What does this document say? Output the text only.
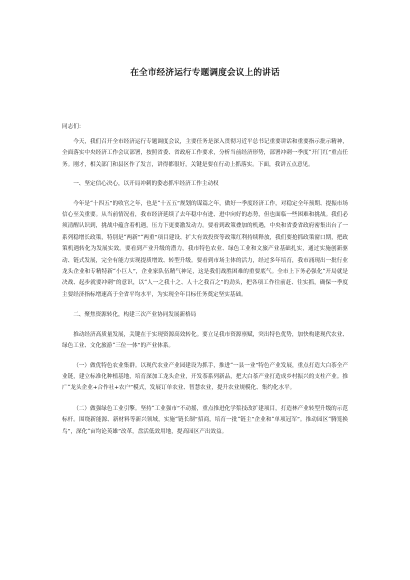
在全市经济运行专题调度会议上的讲话

同志们：

今天，我们召开全市经济运行专题调度会议，主要任务是深入贯彻习近平总书记重要讲话和重要指示批示精神，全面落实中央经济工作会议部署，按照省委、省政府工作要求，分析当前经济形势，部署冲刺一季度“开门红”重点任务。刚才，相关部门和县区作了发言，讲得都很好，关键是要在行动上抓落实。下面，我讲五点意见。

一、坚定信心决心，以开局冲刺的姿态抓牢经济工作主动权

今年是“十四五”的收官之年，也是“十五五”规划的谋篇之年，做好一季度经济工作，对稳定全年预期、提振市场信心至关重要。从当前情况看，我市经济延续了去年稳中有进、进中向好的态势，但也面临一些困难和挑战。我们必须清醒认识到，挑战中蕴含着机遇，压力下更要激发动力。要看到政策叠加的机遇，中央和省委省政府密集出台了一系列稳增长政策，特别是“两新”“两重”项目建设、扩大有效投资等政策红利持续释放，我们要抢抓政策窗口期，把政策机遇转化为发展实效。要看到产业升级的潜力，我市特色农业、绿色工业和文旅产业基础扎实，通过实施创新驱动、链式发展，完全有能力实现提质增效、转型升级。要看到市场主体的活力，经过多年培育，我市涌现出一批行业龙头企业和专精特新“小巨人”，企业家队伍精气神足，这是我们战胜困难的重要底气。全市上下务必强化“开局就是决战、起步就要冲刺”的意识，以“人一之我十之、人十之我百之”的劲头，把各项工作往前赶、往实抓，确保一季度主要经济指标增速高于全省平均水平，为实现全年目标任务奠定坚实基础。

二、聚焦资源转化，构建三次产业协同发展新格局

推动经济高质量发展，关键在于实现资源高效转化。要立足我市资源禀赋，突出特色优势，加快构建现代农业、绿色工业、文化旅游“三位一体”的产业体系。

（一）做优特色农业集群。以现代农业产业园建设为抓手，推进“一县一业”特色产业发展，重点打造大白茶全产业链，建立标准化种植基地，培育深加工龙头企业，开发茶系列新品，把大白茶产业打造成乡村振兴的支柱产业。推广“龙头企业+合作社+农户”模式，发展订单农业、智慧农业，提升农业规模化、集约化水平。

（二）做强绿色工业引擎。坚持“工业强市”不动摇，重点推进化学浆技改扩建项目，打造林产业转型升级的示范标杆。围绕新能源、新材料等新兴领域，实施“链长制”招商，培育一批“链主”企业和“单项冠军”。推动园区“腾笼换鸟”，深化“亩均论英雄”改革，盘活低效用地，提高园区产出效益。
